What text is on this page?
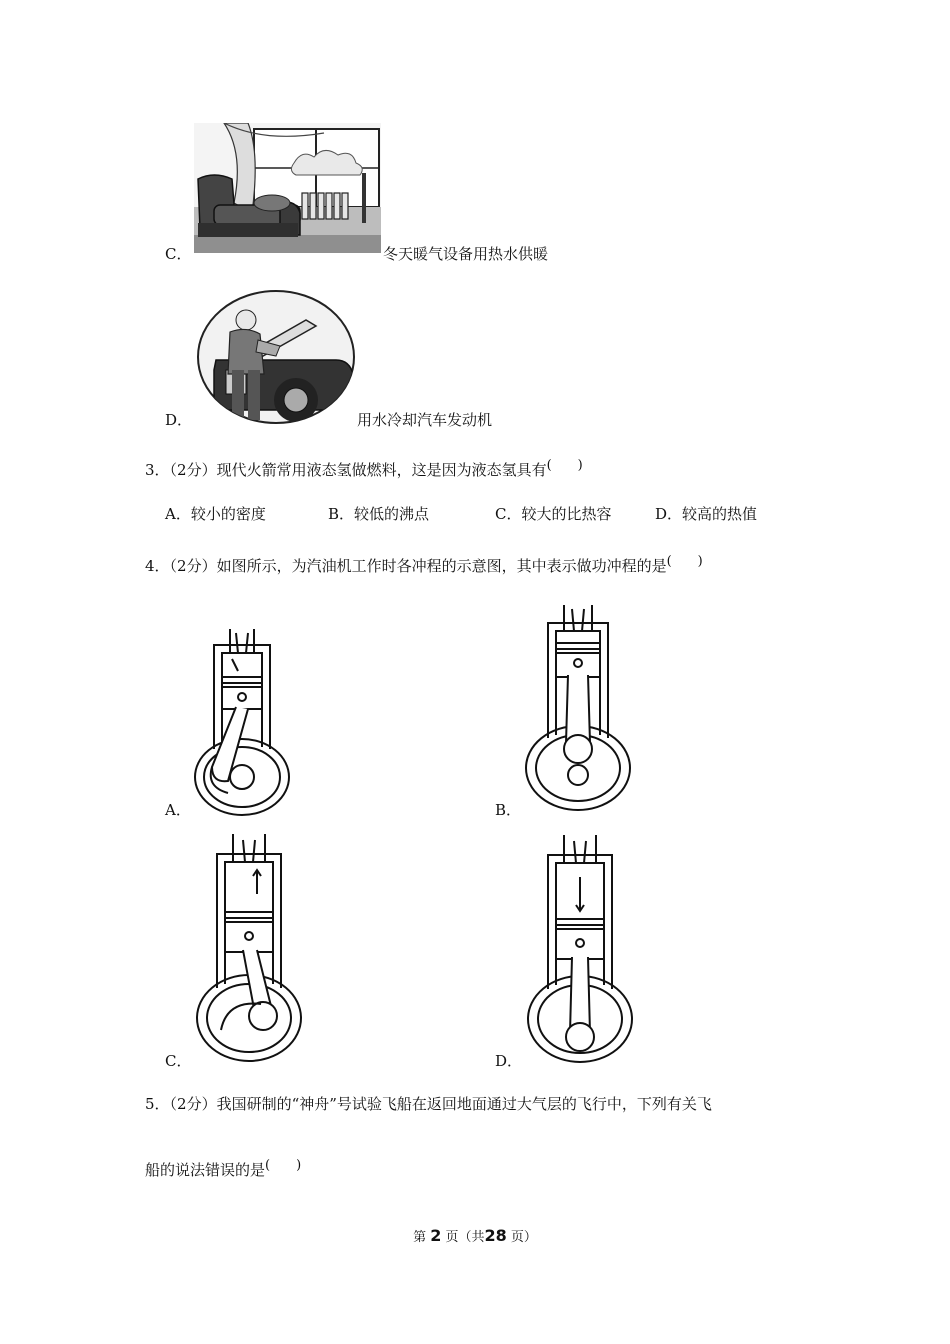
C．	冬天暖气设备用热水供暖
D．	用水冷却汽车发动机
3．（2分）现代火箭常用液态氢做燃料，这是因为液态氢具有(　　)
A．较小的密度	B．较低的沸点	C．较大的比热容	D．较高的热值
4．（2分）如图所示，为汽油机工作时各冲程的示意图，其中表示做功冲程的是(　　)
A．	B．
C．	D．
5．（2分）我国研制的“神舟”号试验飞船在返回地面通过大气层的飞行中，下列有关飞
船的说法错误的是(　　)
第 2 页（共28 页）
